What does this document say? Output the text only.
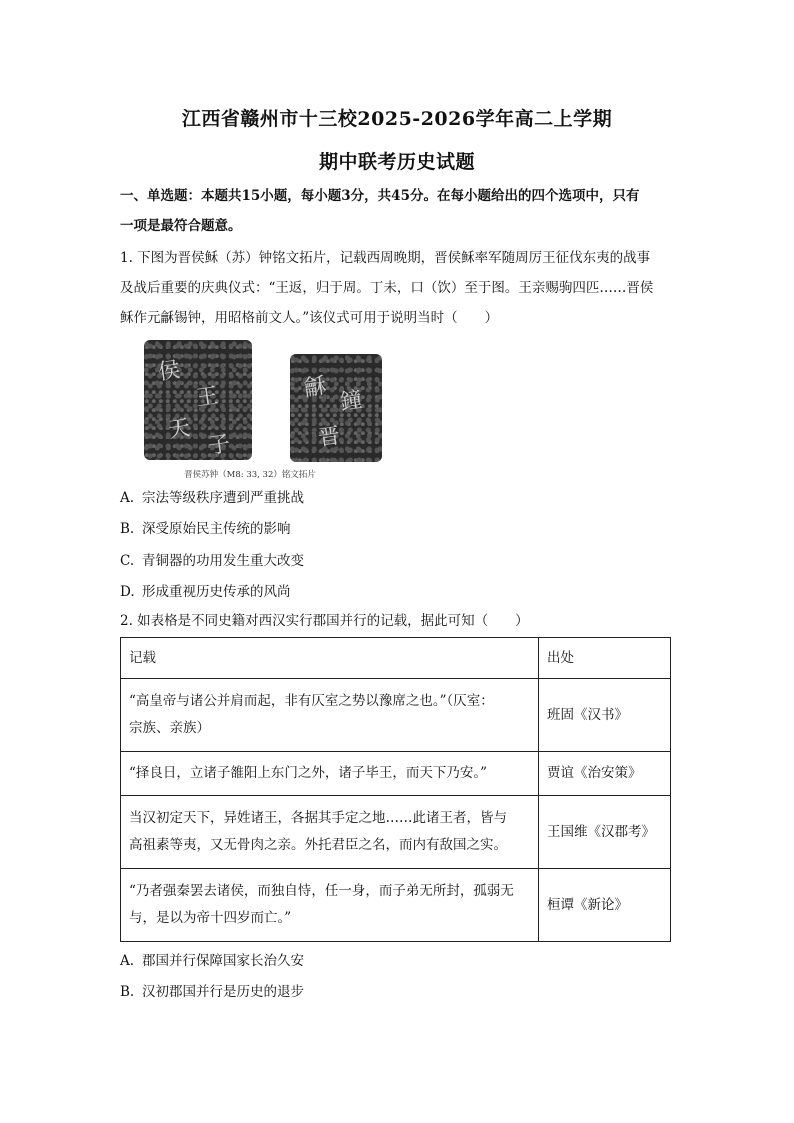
江西省赣州市十三校2025-2026学年高二上学期
期中联考历史试题
一、单选题：本题共15小题，每小题3分，共45分。在每小题给出的四个选项中，只有
一项是最符合题意。
1. 下图为晋侯稣（苏）钟铭文拓片，记载西周晚期，晋侯稣率军随周厉王征伐东夷的战事
及战后重要的庆典仪式：“王返，归于周。丁未，口（饮）至于图。王亲赐驹四匹……晋侯
稣作元龢锡钟，用昭格前文人。”该仪式可用于说明当时（　　）
侯
王
天
子
龢
鐘
晋
晋侯苏钟（M8: 33, 32）铭文拓片
A. 宗法等级秩序遭到严重挑战
B. 深受原始民主传统的影响
C. 青铜器的功用发生重大改变
D. 形成重视历史传承的风尚
2. 如表格是不同史籍对西汉实行郡国并行的记载，据此可知（　　）
记载	出处

“高皇帝与诸公并肩而起，非有仄室之势以豫席之也。”（仄室：
宗族、亲族）	班固《汉书》

“择良日，立诸子雒阳上东门之外，诸子毕王，而天下乃安。”	贾谊《治安策》

当汉初定天下，异姓诸王，各据其手定之地……此诸王者，皆与
高祖素等夷，又无骨肉之亲。外托君臣之名，而内有敌国之实。	王国维《汉郡考》

“乃者强秦罢去诸侯，而独自恃，任一身，而子弟无所封，孤弱无
与，是以为帝十四岁而亡。”	桓谭《新论》
A. 郡国并行保障国家长治久安
B. 汉初郡国并行是历史的退步
